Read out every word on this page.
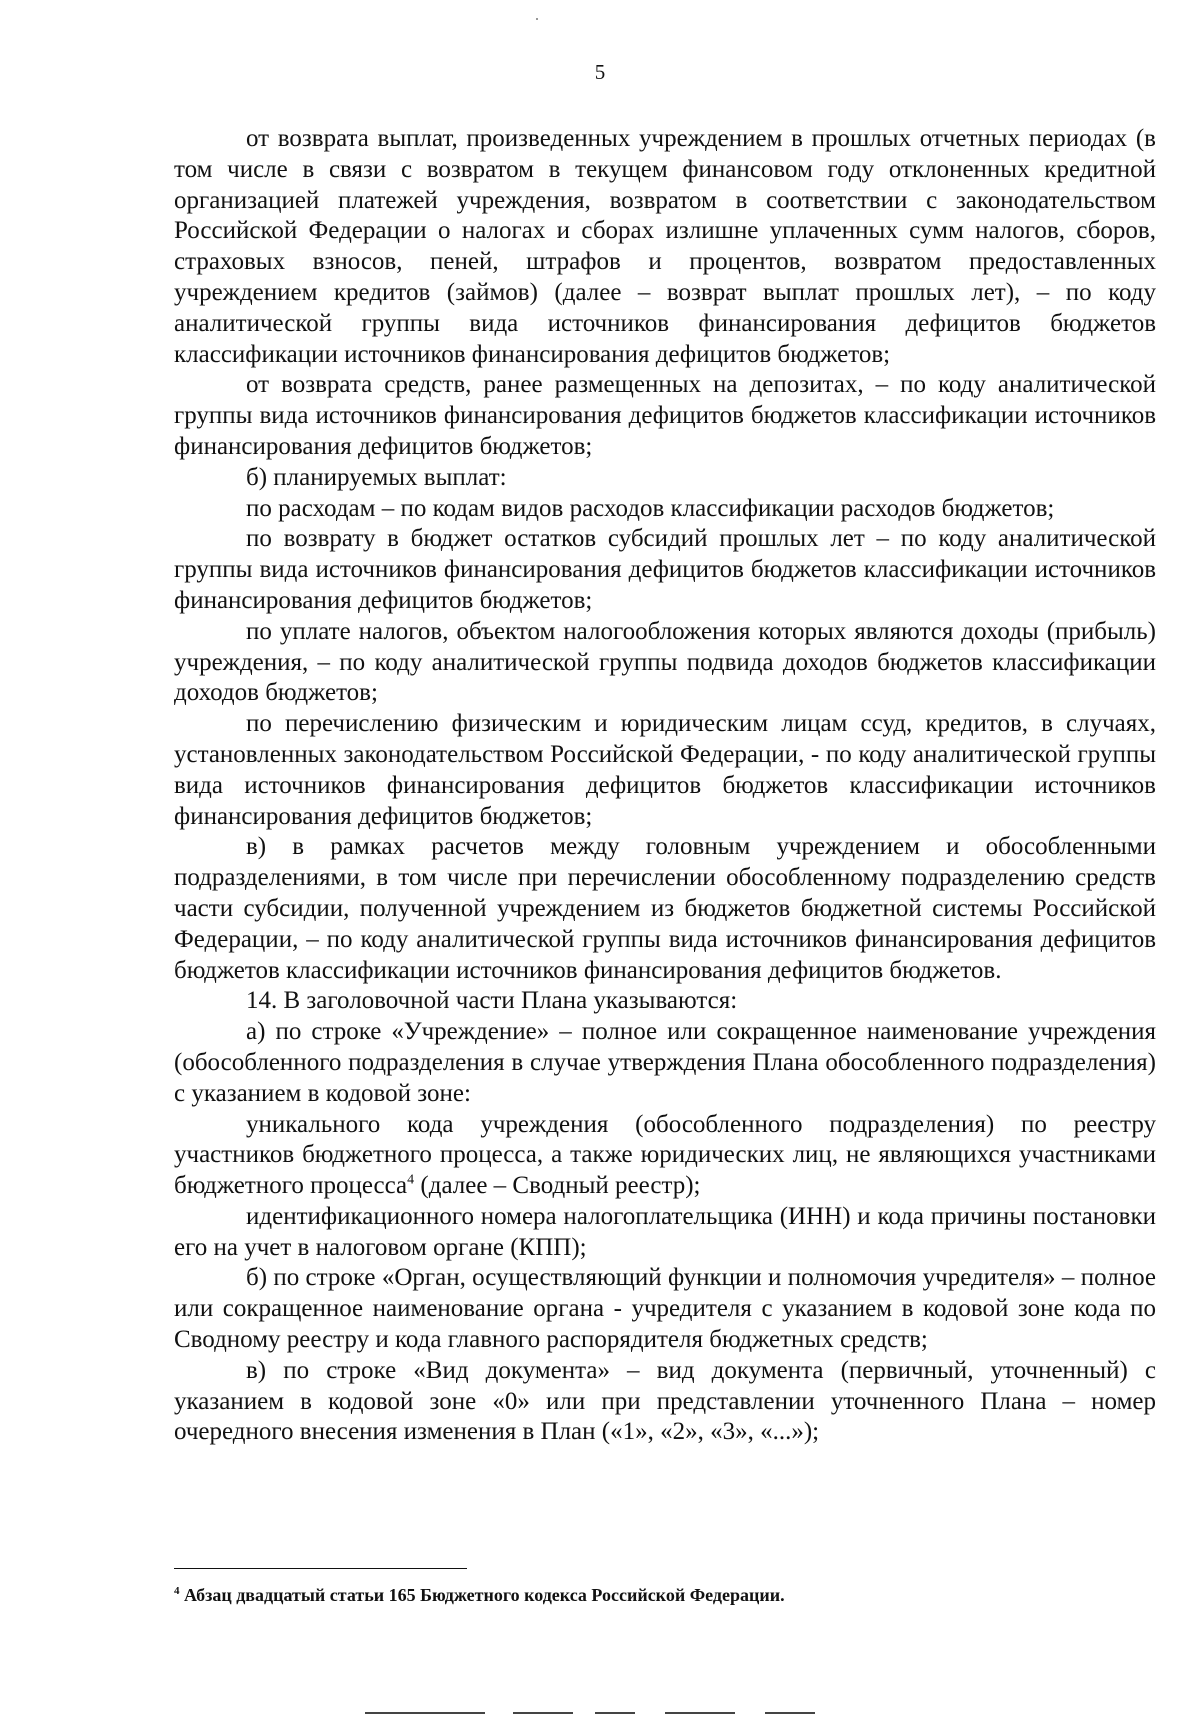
5

от возврата выплат, произведенных учреждением в прошлых отчетных периодах (в том числе в связи с возвратом в текущем финансовом году отклоненных кредитной организацией платежей учреждения, возвратом в соответствии с законодательством Российской Федерации о налогах и сборах излишне уплаченных сумм налогов, сборов, страховых взносов, пеней, штрафов и процентов, возвратом предоставленных учреждением кредитов (займов) (далее – возврат выплат прошлых лет), – по коду аналитической группы вида источников финансирования дефицитов бюджетов классификации источников финансирования дефицитов бюджетов;

от возврата средств, ранее размещенных на депозитах, – по коду аналитической группы вида источников финансирования дефицитов бюджетов классификации источников финансирования дефицитов бюджетов;

б) планируемых выплат:

по расходам – по кодам видов расходов классификации расходов бюджетов;

по возврату в бюджет остатков субсидий прошлых лет – по коду аналитической группы вида источников финансирования дефицитов бюджетов классификации источников финансирования дефицитов бюджетов;

по уплате налогов, объектом налогообложения которых являются доходы (прибыль) учреждения, – по коду аналитической группы подвида доходов бюджетов классификации доходов бюджетов;

по перечислению физическим и юридическим лицам ссуд, кредитов, в случаях, установленных законодательством Российской Федерации, - по коду аналитической группы вида источников финансирования дефицитов бюджетов классификации источников финансирования дефицитов бюджетов;

в) в рамках расчетов между головным учреждением и обособленными подразделениями, в том числе при перечислении обособленному подразделению средств части субсидии, полученной учреждением из бюджетов бюджетной системы Российской Федерации, – по коду аналитической группы вида источников финансирования дефицитов бюджетов классификации источников финансирования дефицитов бюджетов.

14. В заголовочной части Плана указываются:

а) по строке «Учреждение» – полное или сокращенное наименование учреждения (обособленного подразделения в случае утверждения Плана обособленного подразделения) с указанием в кодовой зоне:

уникального кода учреждения (обособленного подразделения) по реестру участников бюджетного процесса, а также юридических лиц, не являющихся участниками бюджетного процесса$^4$ (далее – Сводный реестр);

идентификационного номера налогоплательщика (ИНН) и кода причины постановки его на учет в налоговом органе (КПП);

б) по строке «Орган, осуществляющий функции и полномочия учредителя» – полное или сокращенное наименование органа - учредителя с указанием в кодовой зоне кода по Сводному реестру и кода главного распорядителя бюджетных средств;

в) по строке «Вид документа» – вид документа (первичный, уточненный) с указанием в кодовой зоне «0» или при представлении уточненного Плана – номер очередного внесения изменения в План («1», «2», «3», «...»);

$^4$ Абзац двадцатый статьи 165 Бюджетного кодекса Российской Федерации.
